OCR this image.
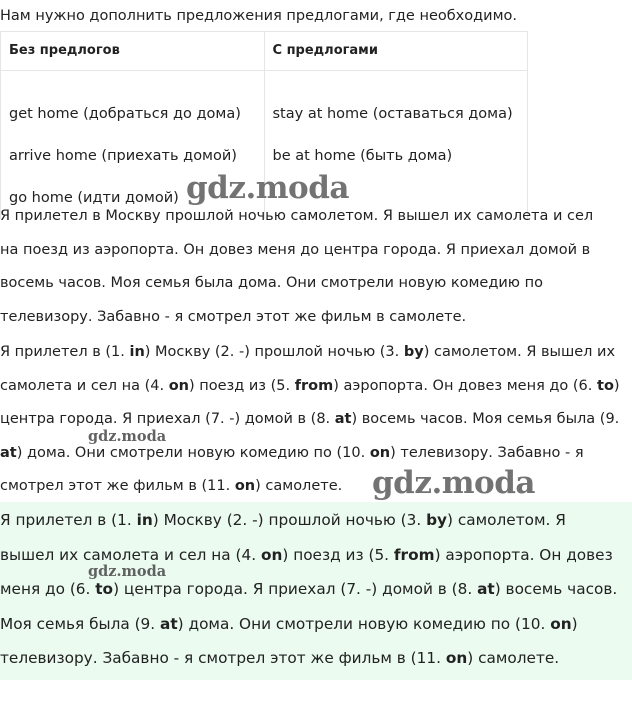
Нам нужно дополнить предложения предлогами, где необходимо.
Без предлогов	С предлогами
get home (добраться до дома)	stay at home (оставаться дома)
arrive home (приехать домой)	be at home (быть дома)
go home (идти домой)	
Я прилетел в Москву прошлой ночью самолетом. Я вышел их самолета и сел
на поезд из аэропорта. Он довез меня до центра города. Я приехал домой в
восемь часов. Моя семья была дома. Они смотрели новую комедию по
телевизору. Забавно - я смотрел этот же фильм в самолете.
Я прилетел в (1. in) Москву (2. -) прошлой ночью (3. by) самолетом. Я вышел их
самолета и сел на (4. on) поезд из (5. from) аэропорта. Он довез меня до (6. to)
центра города. Я приехал (7. -) домой в (8. at) восемь часов. Моя семья была (9.
at) дома. Они смотрели новую комедию по (10. on) телевизору. Забавно - я
смотрел этот же фильм в (11. on) самолете.
Я прилетел в (1. in) Москву (2. -) прошлой ночью (3. by) самолетом. Я
вышел их самолета и сел на (4. on) поезд из (5. from) аэропорта. Он довез
меня до (6. to) центра города. Я приехал (7. -) домой в (8. at) восемь часов.
Моя семья была (9. at) дома. Они смотрели новую комедию по (10. on)
телевизору. Забавно - я смотрел этот же фильм в (11. on) самолете.
gdz.moda
gdz.moda
gdz.moda
gdz.moda
